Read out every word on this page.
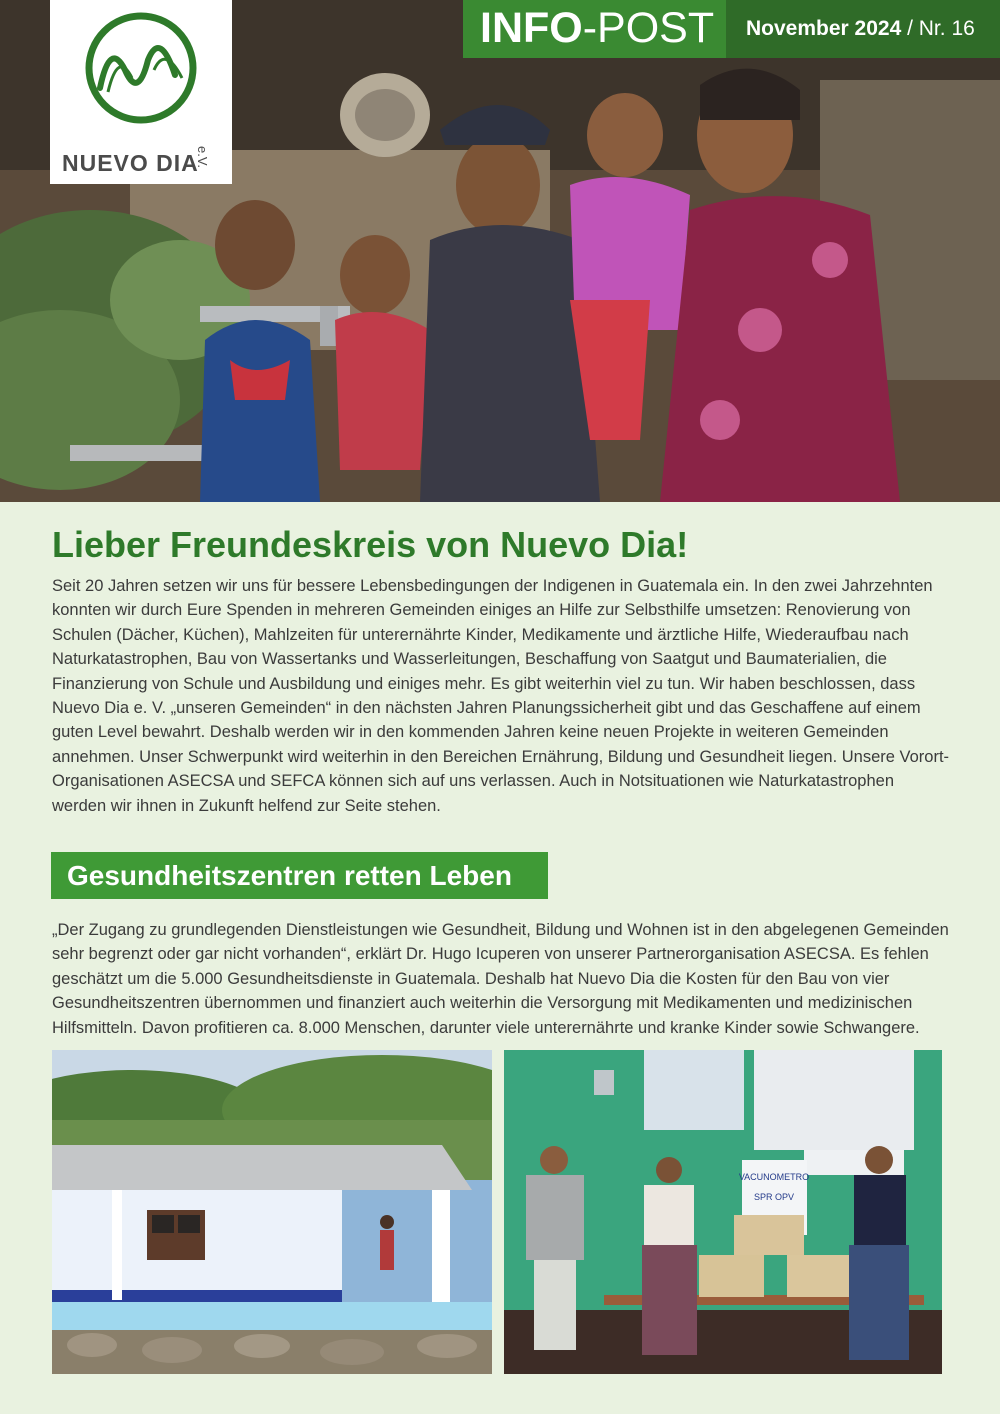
NUEVO DIA
e.V.
INFO-POST November 2024 / Nr. 16
Lieber Freundeskreis von Nuevo Dia!

Seit 20 Jahren setzen wir uns für bessere Lebensbedingungen der Indigenen in Guatemala ein. In den zwei Jahrzehnten konnten wir durch Eure Spenden in mehreren Gemeinden einiges an Hilfe zur Selbsthilfe umsetzen: Renovierung von Schulen (Dächer, Küchen), Mahlzeiten für unterernährte Kinder, Medikamente und ärztliche Hilfe, Wiederaufbau nach Naturkatastrophen, Bau von Wassertanks und Wasserleitungen, Beschaffung von Saatgut und Baumaterialien, die Finanzierung von Schule und Ausbildung und einiges mehr. Es gibt weiterhin viel zu tun. Wir haben beschlossen, dass Nuevo Dia e. V. „unseren Gemeinden“ in den nächsten Jahren Planungssicherheit gibt und das Geschaffene auf einem guten Level bewahrt. Deshalb werden wir in den kommenden Jahren keine neuen Projekte in weiteren Gemeinden annehmen. Unser Schwerpunkt wird weiterhin in den Bereichen Ernährung, Bildung und Gesundheit liegen. Unsere Vorort-Organisationen ASECSA und SEFCA können sich auf uns verlassen. Auch in Notsituationen wie Naturkatastrophen werden wir ihnen in Zukunft helfend zur Seite stehen.

Gesundheitszentren retten Leben

„Der Zugang zu grundlegenden Dienstleistungen wie Gesundheit, Bildung und Wohnen ist in den abgelegenen Gemeinden sehr begrenzt oder gar nicht vorhanden“, erklärt Dr. Hugo Icuperen von unserer Partnerorganisation ASECSA. Es fehlen geschätzt um die 5.000 Gesundheitsdienste in Guatemala. Deshalb hat Nuevo Dia die Kosten für den Bau von vier Gesundheitszentren übernommen und finanziert auch weiterhin die Versorgung mit Medikamenten und medizinischen Hilfsmitteln. Davon profitieren ca. 8.000 Menschen, darunter viele unterernährte und kranke Kinder sowie Schwangere.

VACUNOMETRO
SPR OPV
